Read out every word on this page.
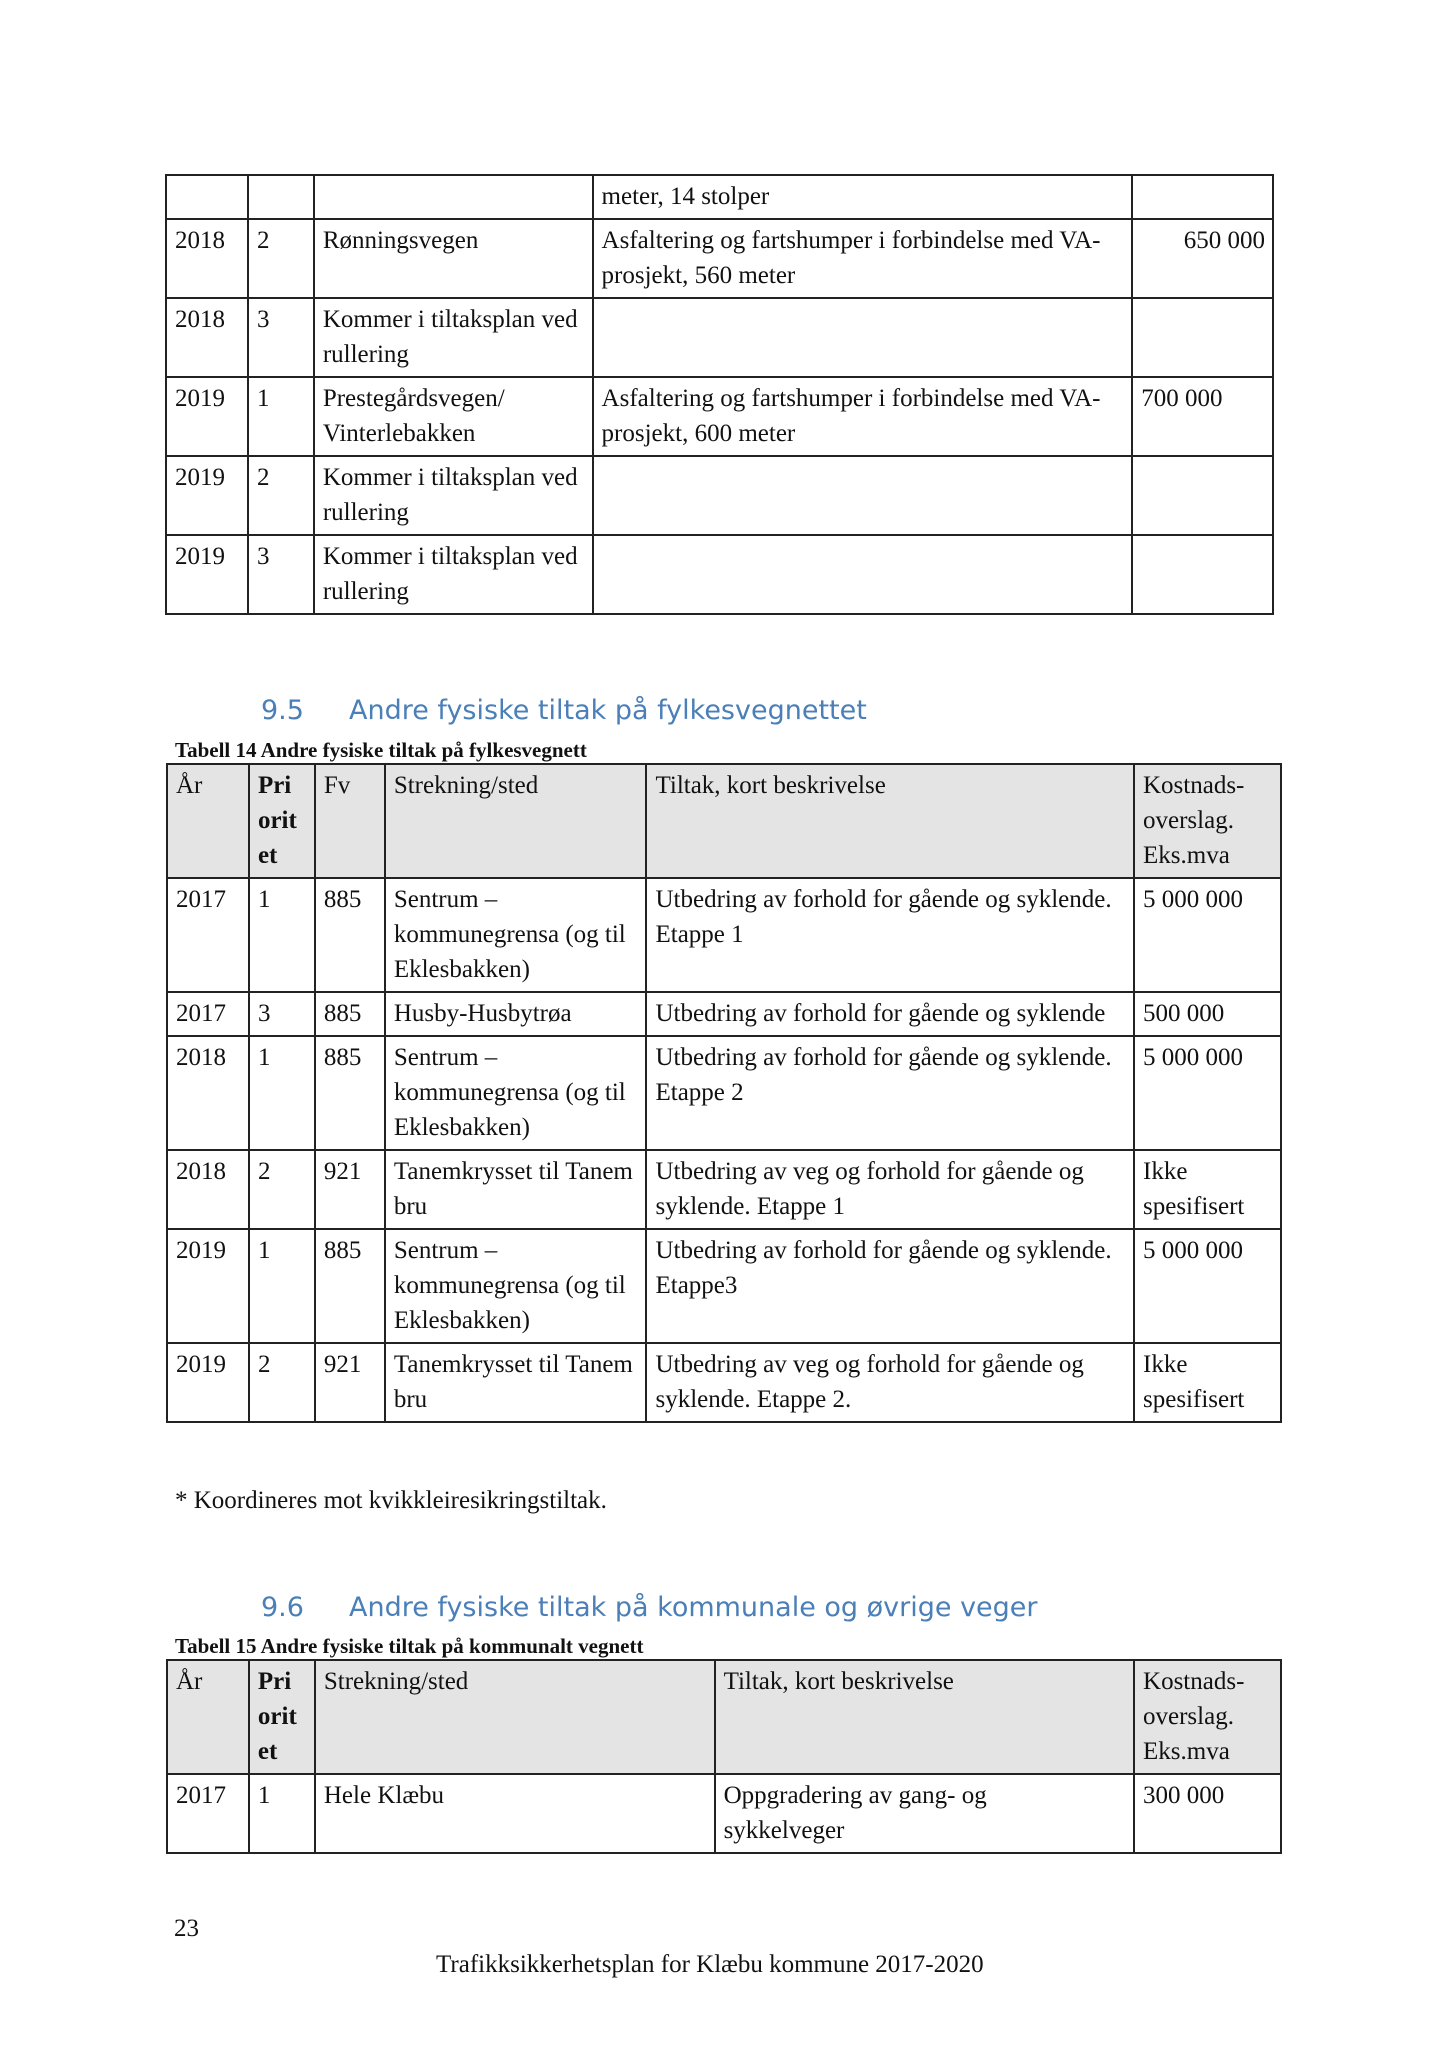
			meter, 14 stolper	
2018	2	Rønningsvegen	Asfaltering og fartshumper i forbindelse med VA-prosjekt, 560 meter	650 000
2018	3	Kommer i tiltaksplan ved rullering		
2019	1	Prestegårdsvegen/ Vinterlebakken	Asfaltering og fartshumper i forbindelse med VA-prosjekt, 600 meter	700 000
2019	2	Kommer i tiltaksplan ved rullering		
2019	3	Kommer i tiltaksplan ved rullering		
9.5 Andre fysiske tiltak på fylkesvegnettet
Tabell 14 Andre fysiske tiltak på fylkesvegnett
År	Pri orit et	Fv	Strekning/sted	Tiltak, kort beskrivelse	Kostnads- overslag. Eks.mva

2017	1	885	Sentrum – kommunegrensa (og til Eklesbakken)	Utbedring av forhold for gående og syklende. Etappe 1	5 000 000
2017	3	885	Husby-Husbytrøa	Utbedring av forhold for gående og syklende	500 000
2018	1	885	Sentrum – kommunegrensa (og til Eklesbakken)	Utbedring av forhold for gående og syklende. Etappe 2	5 000 000
2018	2	921	Tanemkrysset til Tanem bru	Utbedring av veg og forhold for gående og syklende. Etappe 1	Ikke spesifisert
2019	1	885	Sentrum – kommunegrensa (og til Eklesbakken)	Utbedring av forhold for gående og syklende. Etappe3	5 000 000
2019	2	921	Tanemkrysset til Tanem bru	Utbedring av veg og forhold for gående og syklende. Etappe 2.	Ikke spesifisert
* Koordineres mot kvikkleiresikringstiltak.
9.6 Andre fysiske tiltak på kommunale og øvrige veger
Tabell 15 Andre fysiske tiltak på kommunalt vegnett
År	Pri orit et	Strekning/sted	Tiltak, kort beskrivelse	Kostnads- overslag. Eks.mva

2017	1	Hele Klæbu	Oppgradering av gang- og sykkelveger	300 000
23
Trafikksikkerhetsplan for Klæbu kommune 2017-2020
